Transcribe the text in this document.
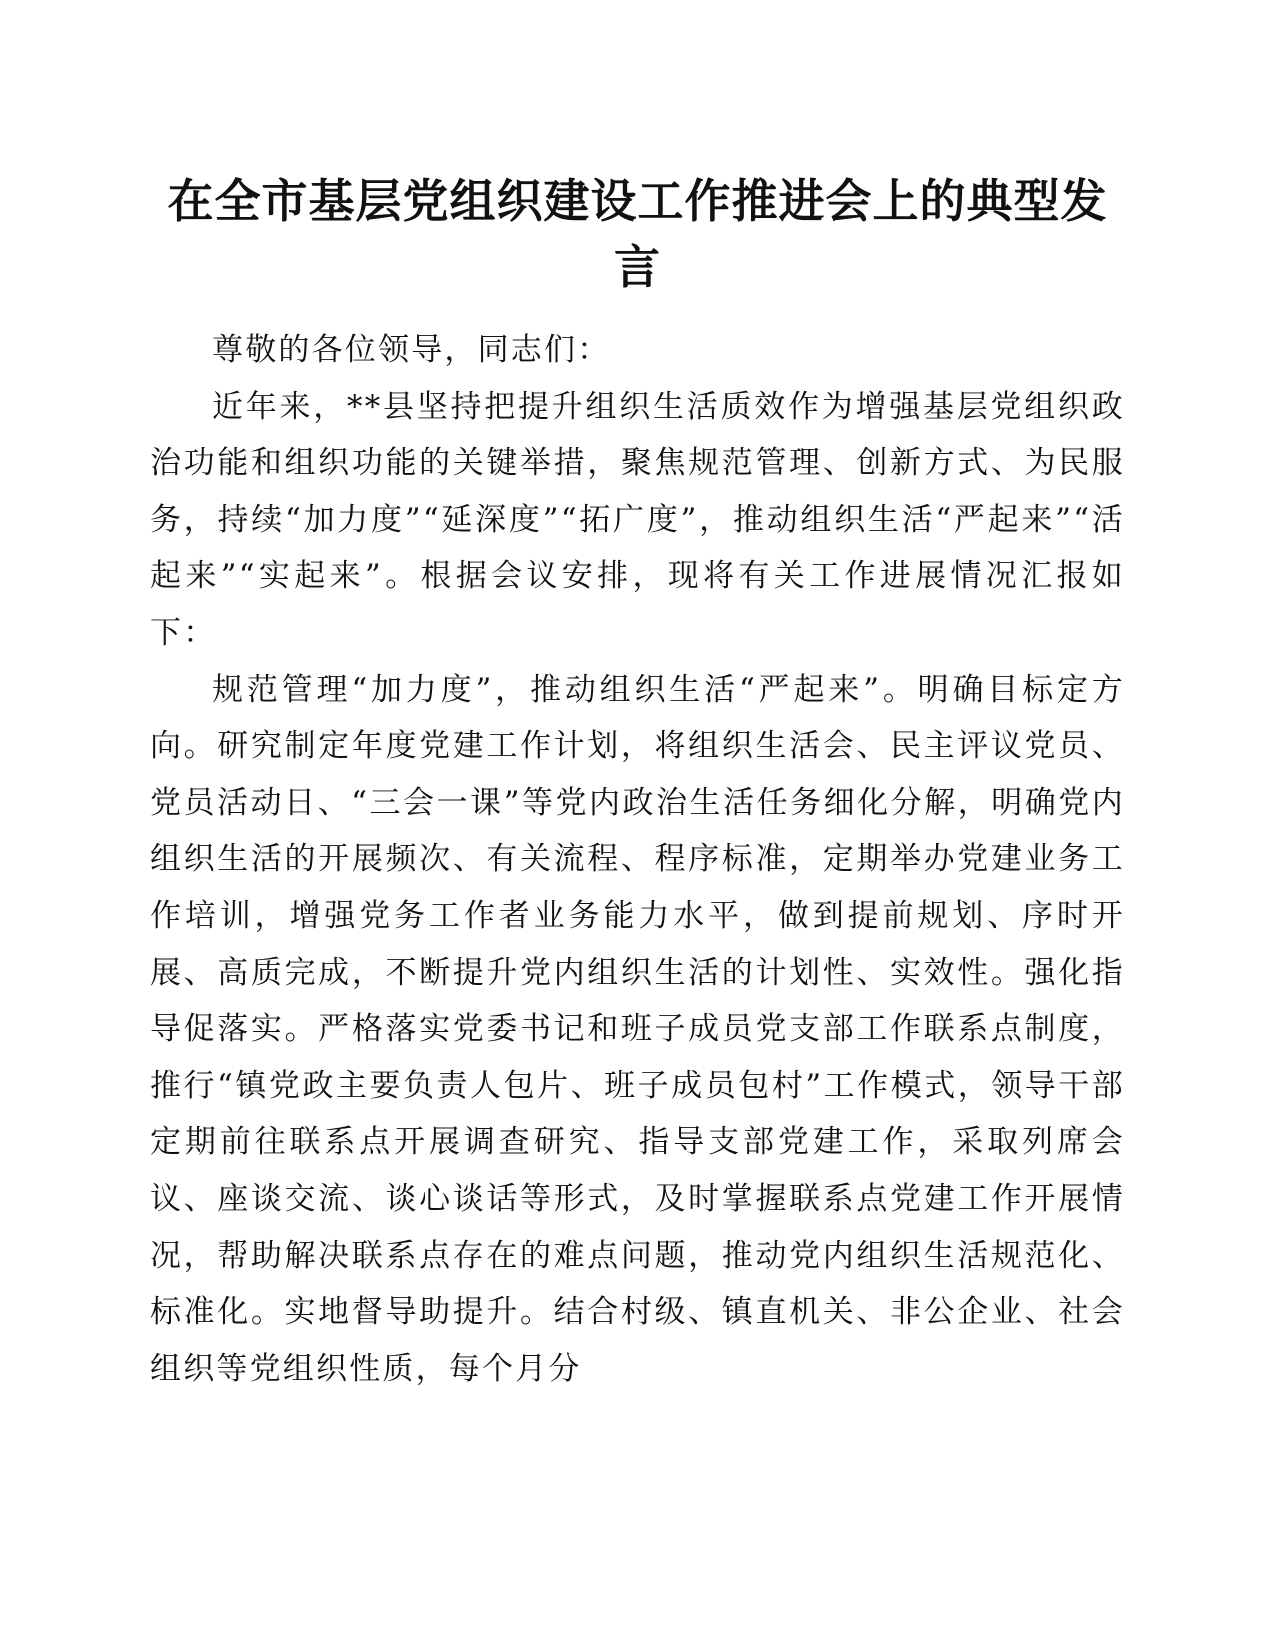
在全市基层党组织建设工作推进会上的典型发言

尊敬的各位领导，同志们：

近年来，**县坚持把提升组织生活质效作为增强基层党组织政治功能和组织功能的关键举措，聚焦规范管理、创新方式、为民服务，持续“加力度”“延深度”“拓广度”，推动组织生活“严起来”“活起来”“实起来”。根据会议安排，现将有关工作进展情况汇报如下：

规范管理“加力度”，推动组织生活“严起来”。明确目标定方向。研究制定年度党建工作计划，将组织生活会、民主评议党员、党员活动日、“三会一课”等党内政治生活任务细化分解，明确党内组织生活的开展频次、有关流程、程序标准，定期举办党建业务工作培训，增强党务工作者业务能力水平，做到提前规划、序时开展、高质完成，不断提升党内组织生活的计划性、实效性。强化指导促落实。严格落实党委书记和班子成员党支部工作联系点制度，推行“镇党政主要负责人包片、班子成员包村”工作模式，领导干部定期前往联系点开展调查研究、指导支部党建工作，采取列席会议、座谈交流、谈心谈话等形式，及时掌握联系点党建工作开展情况，帮助解决联系点存在的难点问题，推动党内组织生活规范化、标准化。实地督导助提升。结合村级、镇直机关、非公企业、社会组织等党组织性质，每个月分
